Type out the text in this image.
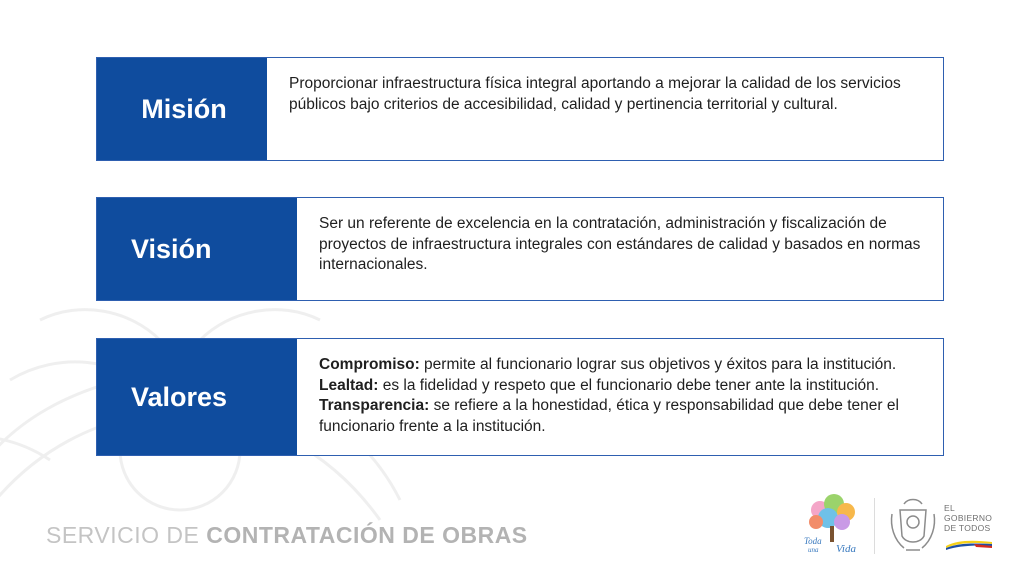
Misión
Proporcionar infraestructura física integral aportando a mejorar la calidad de los servicios públicos bajo criterios de accesibilidad, calidad y pertinencia territorial y cultural.
Visión
Ser un referente de excelencia en la contratación, administración y fiscalización de proyectos de infraestructura integrales con estándares de calidad y basados en normas internacionales.
Valores
Compromiso: permite al funcionario lograr sus objetivos y éxitos para la institución.
Lealtad: es la fidelidad y respeto que el funcionario debe tener ante la institución.
Transparencia: se refiere a la honestidad, ética y responsabilidad que debe tener el funcionario frente a la institución.
SERVICIO DE CONTRATACIÓN DE OBRAS	Toda
una Vida
EL
GOBIERNO
DE TODOS
